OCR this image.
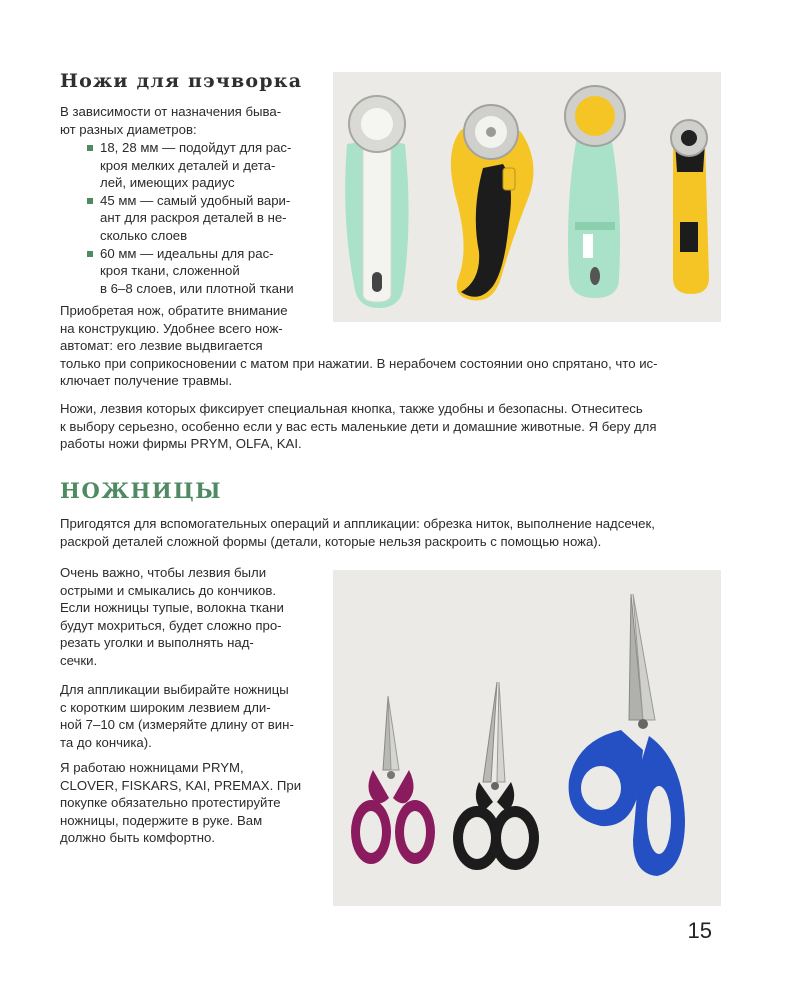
Ножи для пэчворка

В зависимости от назначения быва-
ют разных диаметров:

18, 28 мм — подойдут для рас-
кроя мелких деталей и дета-
лей, имеющих радиус
45 мм — самый удобный вари-
ант для раскроя деталей в не-
сколько слоев
60 мм — идеальны для рас-
кроя ткани, сложенной
в 6–8 слоев, или плотной ткани

Приобретая нож, обратите внимание
на конструкцию. Удобнее всего нож-
автомат: его лезвие выдвигается
только при соприкосновении с матом при нажатии. В нерабочем состоянии оно спрятано, что ис-
ключает получение травмы.

Ножи, лезвия которых фиксирует специальная кнопка, также удобны и безопасны. Отнеситесь
к выбору серьезно, особенно если у вас есть маленькие дети и домашние животные. Я беру для
работы ножи фирмы PRYM, OLFA, KAI.

НОЖНИЦЫ

Пригодятся для вспомогательных операций и аппликации: обрезка ниток, выполнение надсечек,
раскрой деталей сложной формы (детали, которые нельзя раскроить с помощью ножа).

Очень важно, чтобы лезвия были
острыми и смыкались до кончиков.
Если ножницы тупые, волокна ткани
будут мохриться, будет сложно про-
резать уголки и выполнять над-
сечки.

Для аппликации выбирайте ножницы
с коротким широким лезвием дли-
ной 7–10 см (измеряйте длину от вин-
та до кончика).

Я работаю ножницами PRYM,
CLOVER, FISKARS, KAI, PREMAX. При
покупке обязательно протестируйте
ножницы, подержите в руке. Вам
должно быть комфортно.

15
